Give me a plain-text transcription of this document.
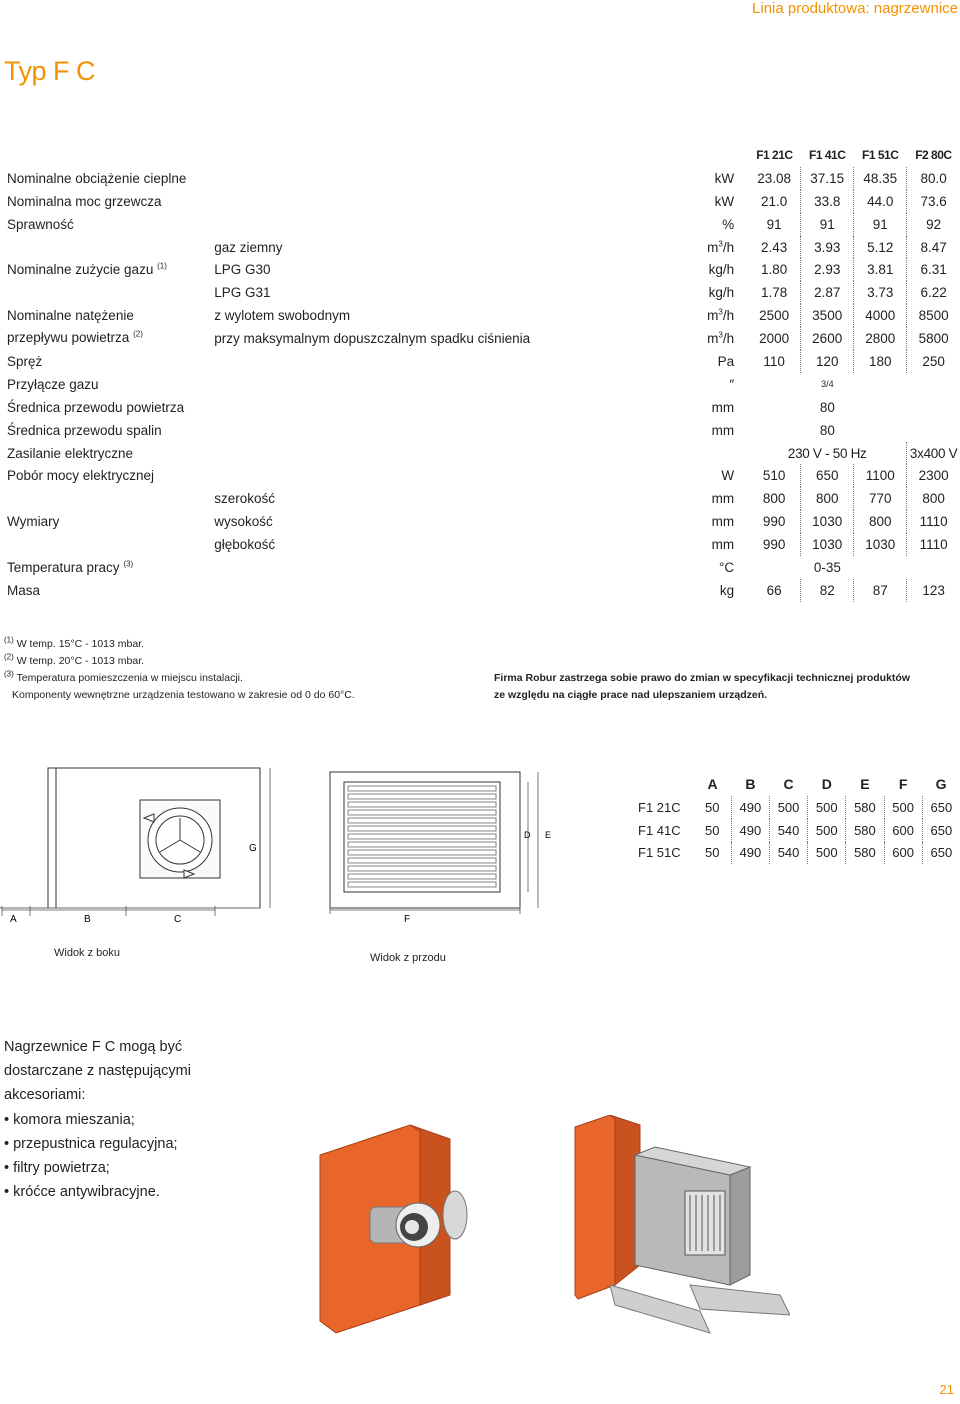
Linia produktowa: nagrzewnice
Typ F C
			F1 21C	F1 41C	F1 51C	F2 80C
Nominalne obciążenie cieplne		kW	23.08	37.15	48.35	80.0
Nominalna moc grzewcza		kW	21.0	33.8	44.0	73.6
Sprawność		%	91	91	91	92
Nominalne zużycie gazu $^{(1)}$	gaz ziemny	$m^3/h$	2.43	3.93	5.12	8.47
	LPG G30	kg/h	1.80	2.93	3.81	6.31
	LPG G31	kg/h	1.78	2.87	3.73	6.22
Nominalne natężenie
przepływu powietrza $^{(2)}$	z wylotem swobodnym	$m^3/h$	2500	3500	4000	8500
	przy maksymalnym dopuszczalnym spadku ciśnienia	$m^3/h$	2000	2600	2800	5800
Spręż		Pa	110	120	180	250
Przyłącze gazu		″	3/4			
Średnica przewodu powietrza		mm	80			
Średnica przewodu spalin		mm	80			
Zasilanie elektryczne			230 V - 50 Hz			3x400 V
Pobór mocy elektrycznej		W	510	650	1100	2300
Wymiary	szerokość	mm	800	800	770	800
	wysokość	mm	990	1030	800	1110
	głębokość	mm	990	1030	1030	1110
Temperatura pracy $^{(3)}$		°C	0-35			
Masa		kg	66	82	87	123
$^{(1)}$ W temp. 15°C - 1013 mbar.
$^{(2)}$ W temp. 20°C - 1013 mbar.
$^{(3)}$ Temperatura pomieszczenia w miejscu instalacji.
Komponenty wewnętrzne urządzenia testowano w zakresie od 0 do 60°C.
Firma Robur zastrzega sobie prawo do zmian w specyfikacji technicznej produktów
ze względu na ciągłe prace nad ulepszaniem urządzeń.
A	B	C
G
Widok z boku
F
D E
Widok z przodu
	A	B	C	D	E	F	G
F1 21C	50	490	500	500	580	500	650
F1 41C	50	490	540	500	580	600	650
F1 51C	50	490	540	500	580	600	650
Nagrzewnice F C mogą być dostarczane z następującymi akcesoriami:
• komora mieszania;
• przepustnica regulacyjna;
• filtry powietrza;
• króćce antywibracyjne.
21
